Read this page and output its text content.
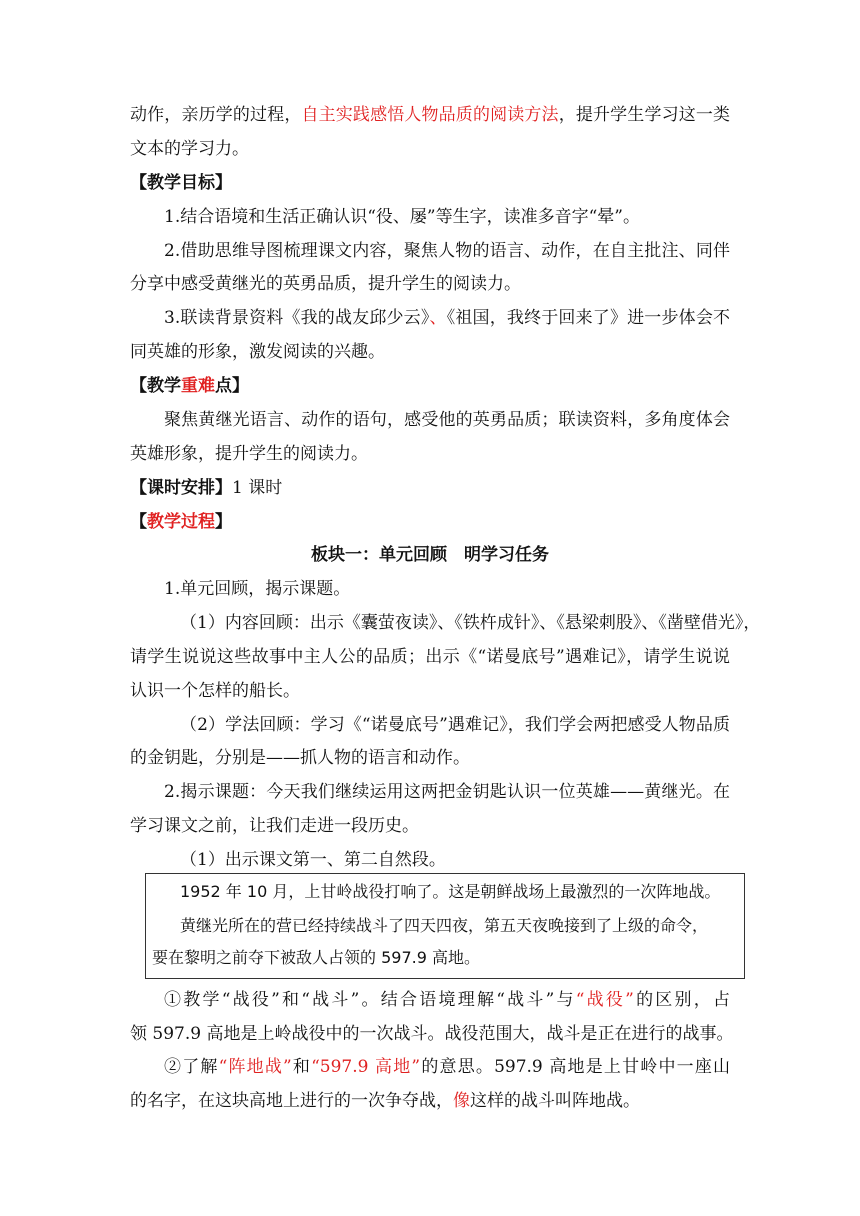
动作，亲历学的过程，自主实践感悟人物品质的阅读方法，提升学生学习这一类
文本的学习力。
【教学目标】
1.结合语境和生活正确认识“役、屡”等生字，读准多音字“晕”。
2.借助思维导图梳理课文内容，聚焦人物的语言、动作，在自主批注、同伴
分享中感受黄继光的英勇品质，提升学生的阅读力。
3.联读背景资料《我的战友邱少云》、《祖国，我终于回来了》进一步体会不
同英雄的形象，激发阅读的兴趣。
【教学重难点】
聚焦黄继光语言、动作的语句，感受他的英勇品质；联读资料，多角度体会
英雄形象，提升学生的阅读力。
【课时安排】1 课时
【教学过程】
板块一：单元回顾　明学习任务
1.单元回顾，揭示课题。
（1）内容回顾：出示《囊萤夜读》、《铁杵成针》、《悬梁刺股》、《凿壁借光》，
请学生说说这些故事中主人公的品质；出示《“诺曼底号”遇难记》，请学生说说
认识一个怎样的船长。
（2）学法回顾：学习《“诺曼底号”遇难记》，我们学会两把感受人物品质
的金钥匙，分别是——抓人物的语言和动作。
2.揭示课题：今天我们继续运用这两把金钥匙认识一位英雄——黄继光。在
学习课文之前，让我们走进一段历史。
（1）出示课文第一、第二自然段。
1952 年 10 月，上甘岭战役打响了。这是朝鲜战场上最激烈的一次阵地战。
黄继光所在的营已经持续战斗了四天四夜，第五天夜晚接到了上级的命令，
要在黎明之前夺下被敌人占领的 597.9 高地。
①教学“战役”和“战斗”。结合语境理解“战斗”与“战役”的区别，占
领 597.9 高地是上岭战役中的一次战斗。战役范围大，战斗是正在进行的战事。
②了解“阵地战”和“597.9 高地”的意思。597.9 高地是上甘岭中一座山
的名字，在这块高地上进行的一次争夺战，像这样的战斗叫阵地战。
